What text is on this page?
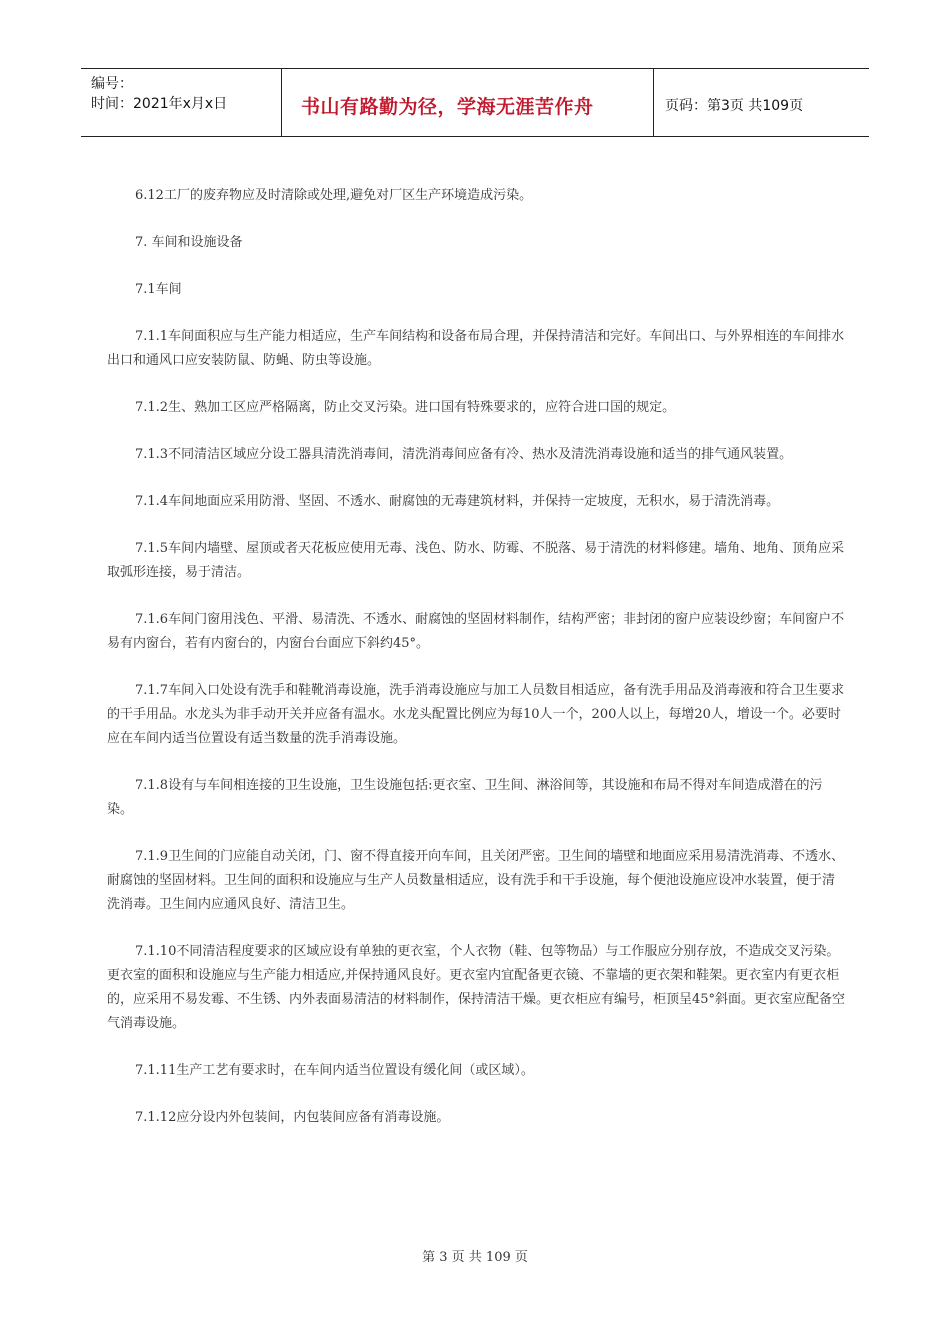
编号：
时间：2021年x月x日	书山有路勤为径，学海无涯苦作舟	页码：第3页 共109页

6.12工厂的废弃物应及时清除或处理,避免对厂区生产环境造成污染。

7. 车间和设施设备

7.1车间

7.1.1车间面积应与生产能力相适应，生产车间结构和设备布局合理，并保持清洁和完好。车间出口、与外界相连的车间排水出口和通风口应安装防鼠、防蝇、防虫等设施。

7.1.2生、熟加工区应严格隔离，防止交叉污染。进口国有特殊要求的，应符合进口国的规定。

7.1.3不同清洁区域应分设工器具清洗消毒间，清洗消毒间应备有冷、热水及清洗消毒设施和适当的排气通风装置。

7.1.4车间地面应采用防滑、坚固、不透水、耐腐蚀的无毒建筑材料，并保持一定坡度，无积水，易于清洗消毒。

7.1.5车间内墙壁、屋顶或者天花板应使用无毒、浅色、防水、防霉、不脱落、易于清洗的材料修建。墙角、地角、顶角应采取弧形连接，易于清洁。

7.1.6车间门窗用浅色、平滑、易清洗、不透水、耐腐蚀的坚固材料制作，结构严密；非封闭的窗户应装设纱窗；车间窗户不易有内窗台，若有内窗台的，内窗台台面应下斜约45°。

7.1.7车间入口处设有洗手和鞋靴消毒设施，洗手消毒设施应与加工人员数目相适应，备有洗手用品及消毒液和符合卫生要求的干手用品。水龙头为非手动开关并应备有温水。水龙头配置比例应为每10人一个，200人以上，每增20人，增设一个。必要时应在车间内适当位置设有适当数量的洗手消毒设施。

7.1.8设有与车间相连接的卫生设施，卫生设施包括:更衣室、卫生间、淋浴间等，其设施和布局不得对车间造成潜在的污染。

7.1.9卫生间的门应能自动关闭，门、窗不得直接开向车间，且关闭严密。卫生间的墙壁和地面应采用易清洗消毒、不透水、耐腐蚀的坚固材料。卫生间的面积和设施应与生产人员数量相适应，设有洗手和干手设施，每个便池设施应设冲水装置，便于清洗消毒。卫生间内应通风良好、清洁卫生。

7.1.10不同清洁程度要求的区域应设有单独的更衣室，个人衣物（鞋、包等物品）与工作服应分别存放，不造成交叉污染。更衣室的面积和设施应与生产能力相适应,并保持通风良好。更衣室内宜配备更衣镜、不靠墙的更衣架和鞋架。更衣室内有更衣柜的，应采用不易发霉、不生锈、内外表面易清洁的材料制作，保持清洁干燥。更衣柜应有编号，柜顶呈45°斜面。更衣室应配备空气消毒设施。

7.1.11生产工艺有要求时，在车间内适当位置设有缓化间（或区域）。

7.1.12应分设内外包装间，内包装间应备有消毒设施。

第 3 页 共 109 页
